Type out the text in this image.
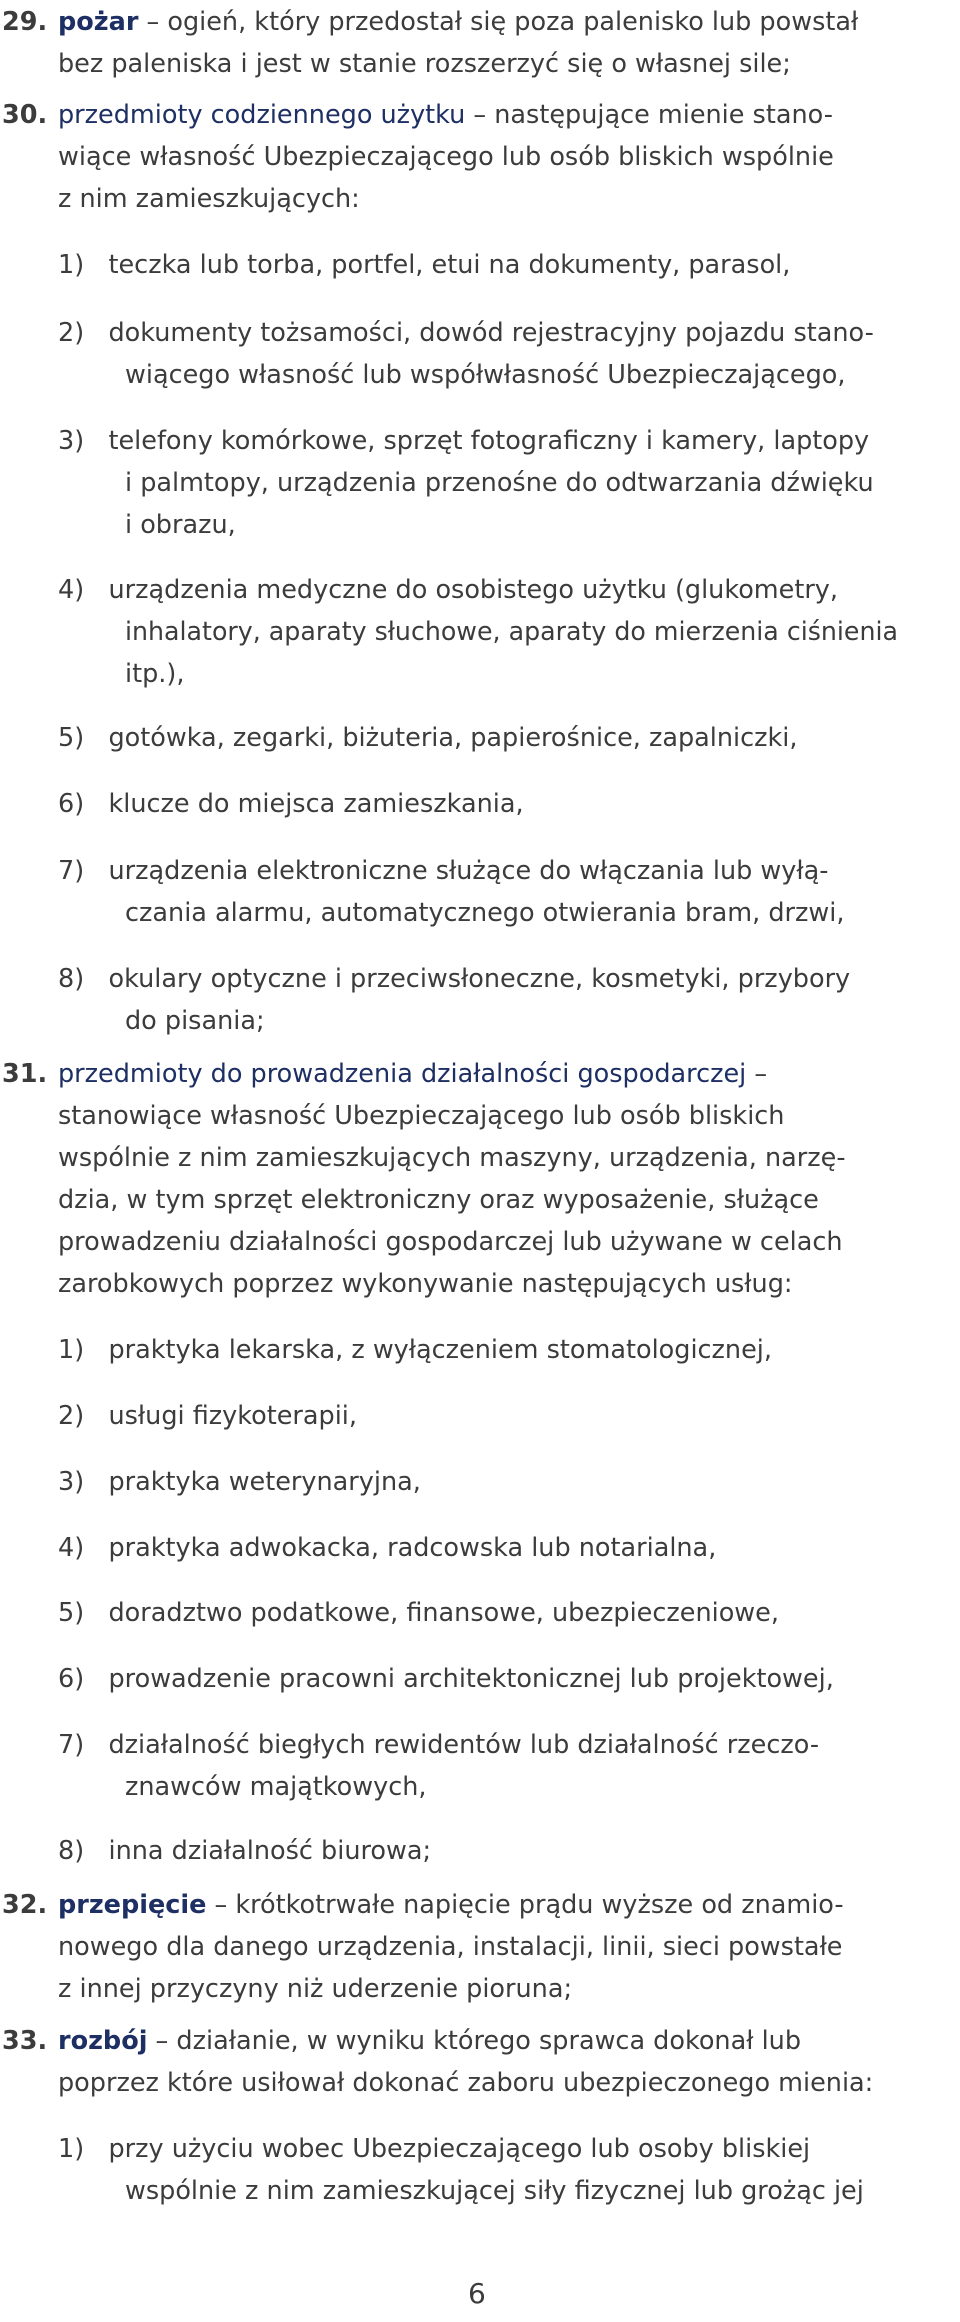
29. pożar – ogień, który przedostał się poza palenisko lub powstał
bez paleniska i jest w stanie rozszerzyć się o własnej sile;
30. przedmioty codziennego użytku – następujące mienie stano-
wiące własność Ubezpieczającego lub osób bliskich wspólnie
z nim zamieszkujących:
1)   teczka lub torba, portfel, etui na dokumenty, parasol,
2)   dokumenty tożsamości, dowód rejestracyjny pojazdu stano-
wiącego własność lub współwłasność Ubezpieczającego,
3)   telefony komórkowe, sprzęt fotograficzny i kamery, laptopy
i palmtopy, urządzenia przenośne do odtwarzania dźwięku
i obrazu,
4)   urządzenia medyczne do osobistego użytku (glukometry,
inhalatory, aparaty słuchowe, aparaty do mierzenia ciśnienia
itp.),
5)   gotówka, zegarki, biżuteria, papierośnice, zapalniczki,
6)   klucze do miejsca zamieszkania,
7)   urządzenia elektroniczne służące do włączania lub wyłą-
czania alarmu, automatycznego otwierania bram, drzwi,
8)   okulary optyczne i przeciwsłoneczne, kosmetyki, przybory
do pisania;
31. przedmioty do prowadzenia działalności gospodarczej –
stanowiące własność Ubezpieczającego lub osób bliskich
wspólnie z nim zamieszkujących maszyny, urządzenia, narzę-
dzia, w tym sprzęt elektroniczny oraz wyposażenie, służące
prowadzeniu działalności gospodarczej lub używane w celach
zarobkowych poprzez wykonywanie następujących usług:
1)   praktyka lekarska, z wyłączeniem stomatologicznej,
2)   usługi fizykoterapii,
3)   praktyka weterynaryjna,
4)   praktyka adwokacka, radcowska lub notarialna,
5)   doradztwo podatkowe, finansowe, ubezpieczeniowe,
6)   prowadzenie pracowni architektonicznej lub projektowej,
7)   działalność biegłych rewidentów lub działalność rzeczo-
znawców majątkowych,
8)   inna działalność biurowa;
32. przepięcie – krótkotrwałe napięcie prądu wyższe od znamio-
nowego dla danego urządzenia, instalacji, linii, sieci powstałe
z innej przyczyny niż uderzenie pioruna;
33. rozbój – działanie, w wyniku którego sprawca dokonał lub
poprzez które usiłował dokonać zaboru ubezpieczonego mienia:
1)   przy użyciu wobec Ubezpieczającego lub osoby bliskiej
wspólnie z nim zamieszkującej siły fizycznej lub grożąc jej
6
